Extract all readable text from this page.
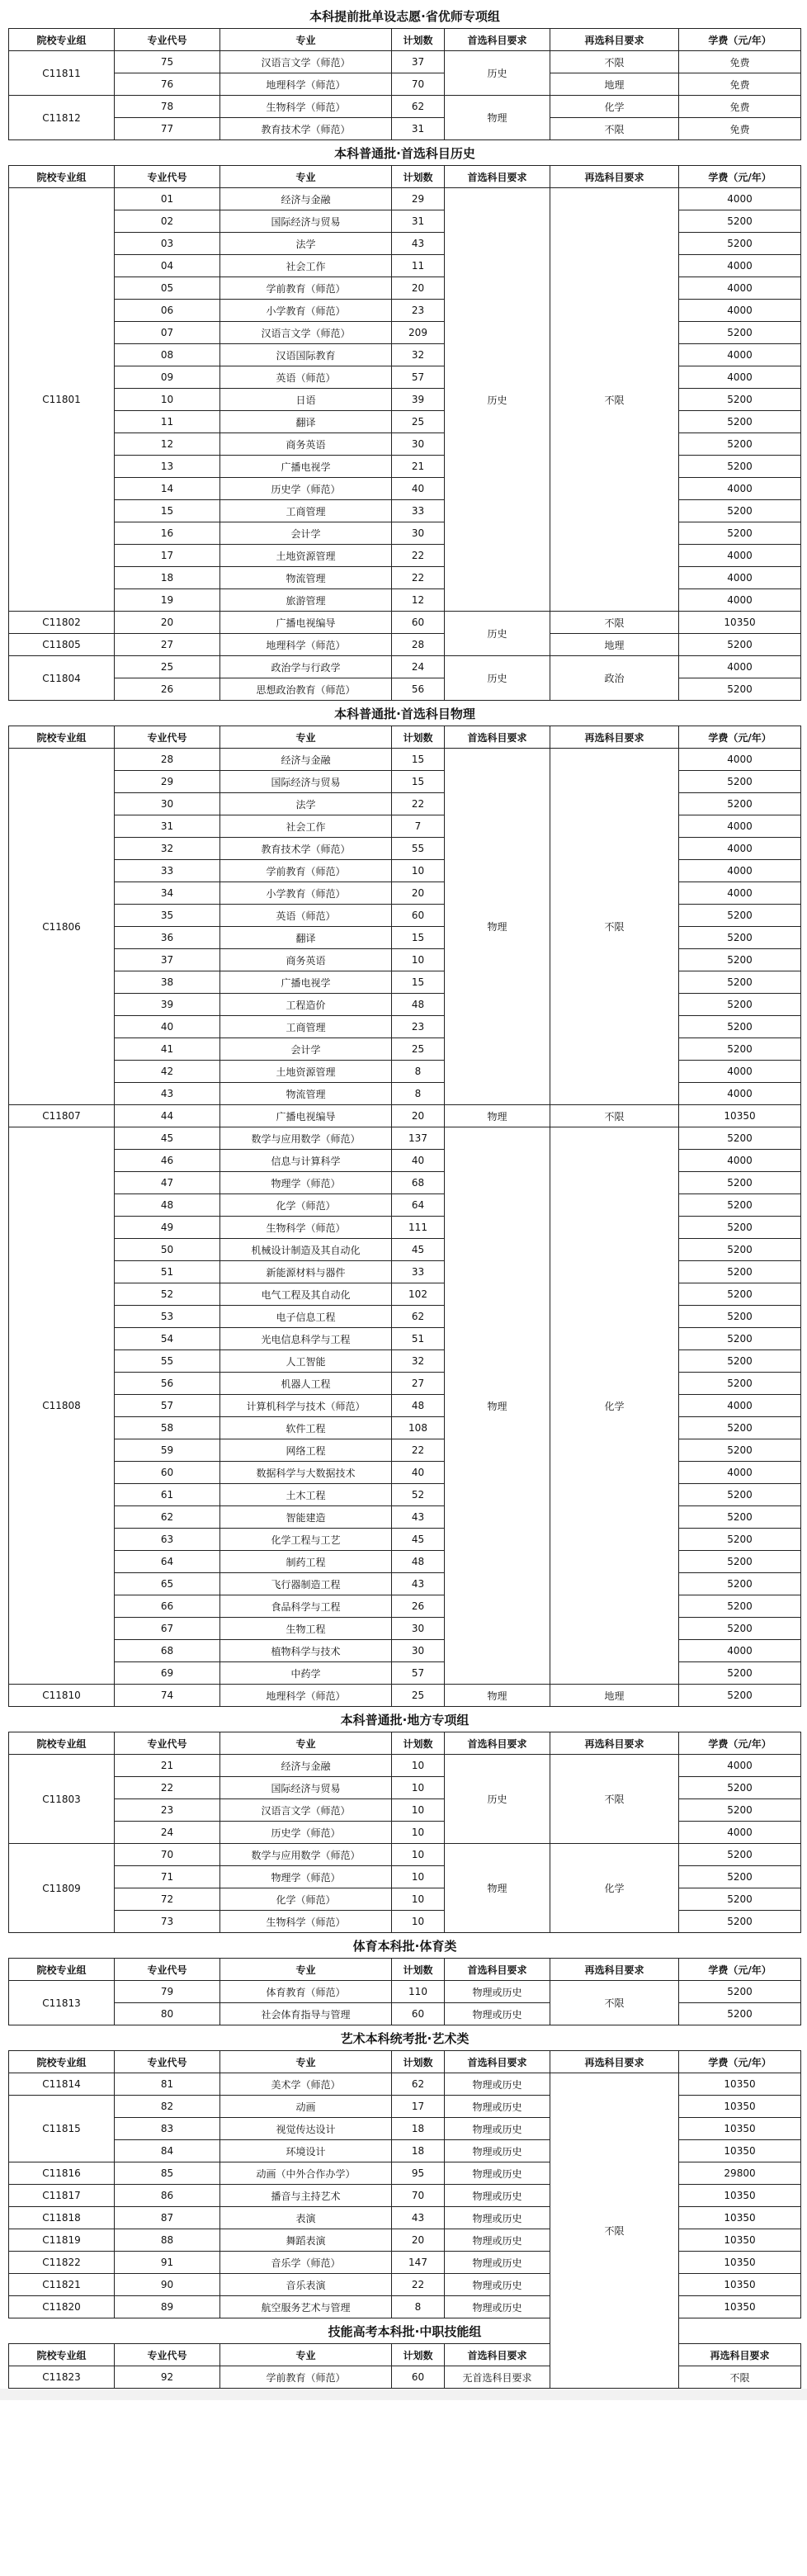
本科提前批单设志愿·省优师专项组							
院校专业组	专业代号	专业	计划数	首选科目要求	再选科目要求	学费（元/年）	
C11811	75	汉语言文学（师范）	37	历史	不限	免费	
	76	地理科学（师范）	70		地理	免费	
C11812	78	生物科学（师范）	62	物理	化学	免费	
	77	教育技术学（师范）	31		不限	免费	
本科普通批·首选科目历史							
院校专业组	专业代号	专业	计划数	首选科目要求	再选科目要求	学费（元/年）	
C11801	01	经济与金融	29	历史	不限	4000	
	02	国际经济与贸易	31			5200	
	03	法学	43			5200	
	04	社会工作	11			4000	
	05	学前教育（师范）	20			4000	
	06	小学教育（师范）	23			4000	
	07	汉语言文学（师范）	209			5200	
	08	汉语国际教育	32			4000	
	09	英语（师范）	57			4000	
	10	日语	39			5200	
	11	翻译	25			5200	
	12	商务英语	30			5200	
	13	广播电视学	21			5200	
	14	历史学（师范）	40			4000	
	15	工商管理	33			5200	
	16	会计学	30			5200	
	17	土地资源管理	22			4000	
	18	物流管理	22			4000	
	19	旅游管理	12			4000	
C11802	20	广播电视编导	60	历史	不限	10350	
C11805	27	地理科学（师范）	28		地理	5200	
C11804	25	政治学与行政学	24	历史	政治	4000	
	26	思想政治教育（师范）	56			5200	
本科普通批·首选科目物理							
院校专业组	专业代号	专业	计划数	首选科目要求	再选科目要求	学费（元/年）	
C11806	28	经济与金融	15	物理	不限	4000	
	29	国际经济与贸易	15			5200	
	30	法学	22			5200	
	31	社会工作	7			4000	
	32	教育技术学（师范）	55			4000	
	33	学前教育（师范）	10			4000	
	34	小学教育（师范）	20			4000	
	35	英语（师范）	60			5200	
	36	翻译	15			5200	
	37	商务英语	10			5200	
	38	广播电视学	15			5200	
	39	工程造价	48			5200	
	40	工商管理	23			5200	
	41	会计学	25			5200	
	42	土地资源管理	8			4000	
	43	物流管理	8			4000	
C11807	44	广播电视编导	20	物理	不限	10350	
C11808	45	数学与应用数学（师范）	137	物理	化学	5200	
	46	信息与计算科学	40			4000	
	47	物理学（师范）	68			5200	
	48	化学（师范）	64			5200	
	49	生物科学（师范）	111			5200	
	50	机械设计制造及其自动化	45			5200	
	51	新能源材料与器件	33			5200	
	52	电气工程及其自动化	102			5200	
	53	电子信息工程	62			5200	
	54	光电信息科学与工程	51			5200	
	55	人工智能	32			5200	
	56	机器人工程	27			5200	
	57	计算机科学与技术（师范）	48			4000	
	58	软件工程	108			5200	
	59	网络工程	22			5200	
	60	数据科学与大数据技术	40			4000	
	61	土木工程	52			5200	
	62	智能建造	43			5200	
	63	化学工程与工艺	45			5200	
	64	制药工程	48			5200	
	65	飞行器制造工程	43			5200	
	66	食品科学与工程	26			5200	
	67	生物工程	30			5200	
	68	植物科学与技术	30			4000	
	69	中药学	57			5200	
C11810	74	地理科学（师范）	25	物理	地理	5200	
本科普通批·地方专项组							
院校专业组	专业代号	专业	计划数	首选科目要求	再选科目要求	学费（元/年）	
C11803	21	经济与金融	10	历史	不限	4000	
	22	国际经济与贸易	10			5200	
	23	汉语言文学（师范）	10			5200	
	24	历史学（师范）	10			4000	
C11809	70	数学与应用数学（师范）	10	物理	化学	5200	
	71	物理学（师范）	10			5200	
	72	化学（师范）	10			5200	
	73	生物科学（师范）	10			5200	
体育本科批·体育类							
院校专业组	专业代号	专业	计划数	首选科目要求	再选科目要求	学费（元/年）	
C11813	79	体育教育（师范）	110	物理或历史	不限	5200	
	80	社会体育指导与管理	60	物理或历史		5200	
艺术本科统考批·艺术类							
院校专业组	专业代号	专业	计划数	首选科目要求	再选科目要求	学费（元/年）	
C11814	81	美术学（师范）	62	物理或历史	不限	10350	
C11815	82	动画	17	物理或历史		10350	
	83	视觉传达设计	18	物理或历史		10350	
	84	环境设计	18	物理或历史		10350	
C11816	85	动画（中外合作办学）	95	物理或历史		29800	
C11817	86	播音与主持艺术	70	物理或历史		10350	
C11818	87	表演	43	物理或历史		10350	
C11819	88	舞蹈表演	20	物理或历史		10350	
C11822	91	音乐学（师范）	147	物理或历史		10350	
C11821	90	音乐表演	22	物理或历史		10350	
C11820	89	航空服务艺术与管理	8	物理或历史		10350	
技能高考本科批·中职技能组							
院校专业组	专业代号	专业	计划数	首选科目要求		再选科目要求	
C11823	92	学前教育（师范）	60	无首选科目要求		不限	
